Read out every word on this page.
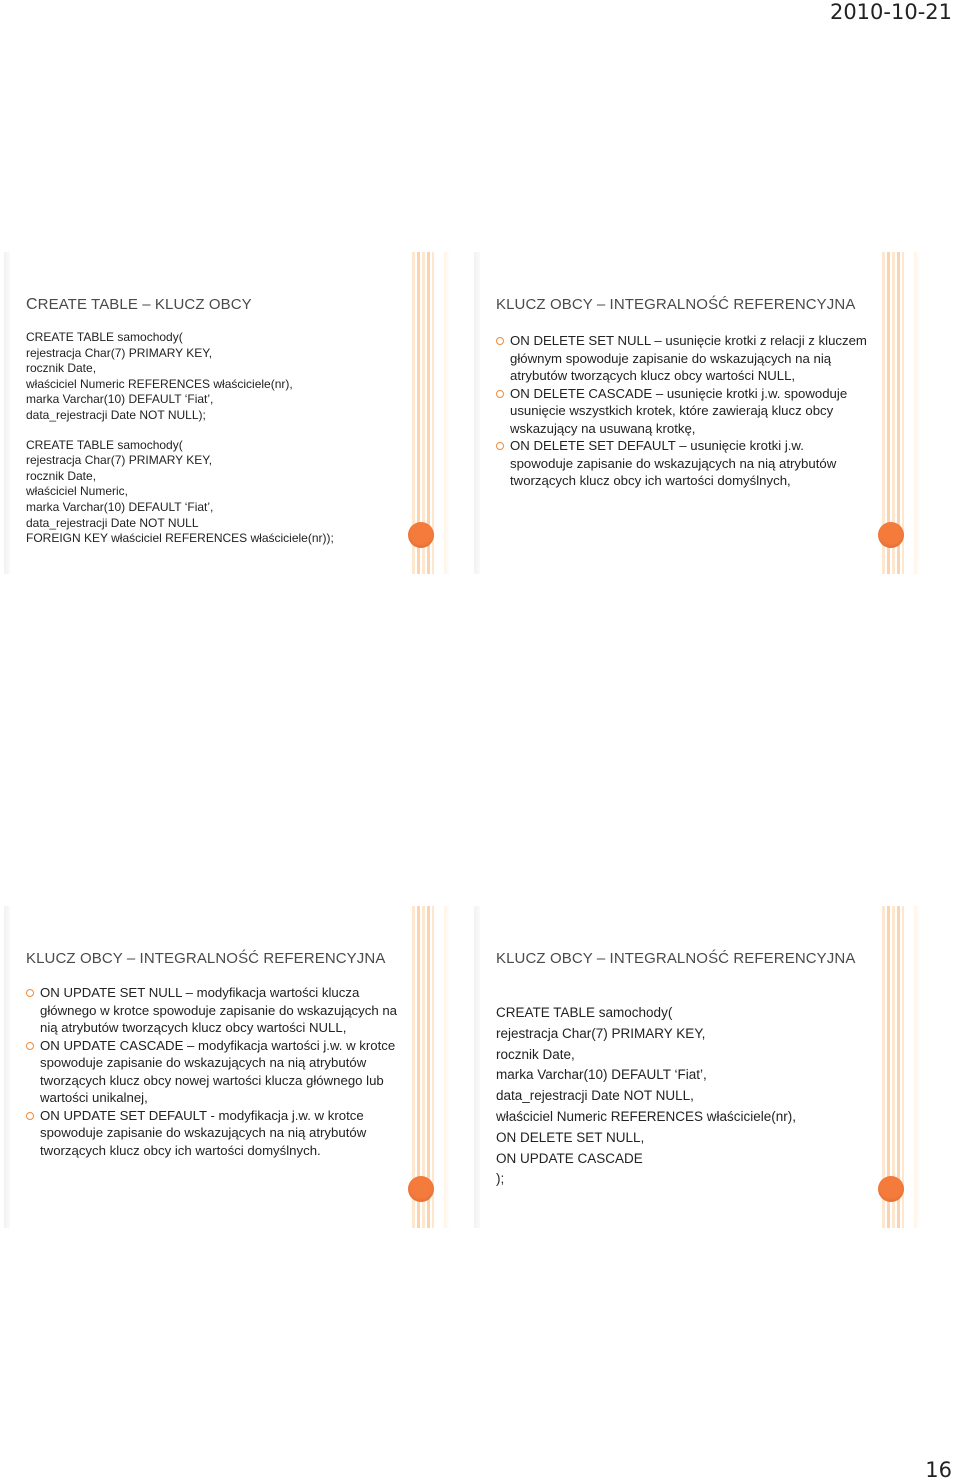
2010-10-21
CREATE TABLE – KLUCZ OBCY
CREATE TABLE samochody(
rejestracja Char(7) PRIMARY KEY,
rocznik Date,
właściciel Numeric REFERENCES właściciele(nr),
marka Varchar(10) DEFAULT ‘Fiat’,
data_rejestracji Date NOT NULL);
CREATE TABLE samochody(
rejestracja Char(7) PRIMARY KEY,
rocznik Date,
właściciel Numeric,
marka Varchar(10) DEFAULT ‘Fiat’,
data_rejestracji Date NOT NULL
FOREIGN KEY właściciel REFERENCES właściciele(nr));
KLUCZ OBCY – INTEGRALNOŚĆ REFERENCYJNA
ON DELETE SET NULL – usunięcie krotki z relacji z kluczem głównym spowoduje zapisanie do wskazujących na nią atrybutów tworzących klucz obcy wartości NULL,
ON DELETE CASCADE – usunięcie krotki j.w. spowoduje usunięcie wszystkich krotek, które zawierają klucz obcy wskazujący na usuwaną krotkę,
ON DELETE SET DEFAULT – usunięcie krotki j.w. spowoduje zapisanie do wskazujących na nią atrybutów tworzących klucz obcy ich wartości domyślnych,
KLUCZ OBCY – INTEGRALNOŚĆ REFERENCYJNA
ON UPDATE SET NULL – modyfikacja wartości klucza głównego w krotce spowoduje zapisanie do wskazujących na nią atrybutów tworzących klucz obcy wartości NULL,
ON UPDATE CASCADE – modyfikacja wartości j.w. w krotce spowoduje zapisanie do wskazujących na nią atrybutów tworzących klucz obcy nowej wartości klucza głównego lub wartości unikalnej,
ON UPDATE SET DEFAULT - modyfikacja j.w. w krotce spowoduje zapisanie do wskazujących na nią atrybutów tworzących klucz obcy ich wartości domyślnych.
KLUCZ OBCY – INTEGRALNOŚĆ REFERENCYJNA
CREATE TABLE samochody(
rejestracja Char(7) PRIMARY KEY,
rocznik Date,
marka Varchar(10) DEFAULT ‘Fiat’,
data_rejestracji Date NOT NULL,
właściciel Numeric REFERENCES właściciele(nr),
ON DELETE SET NULL,
ON UPDATE CASCADE
);
16
